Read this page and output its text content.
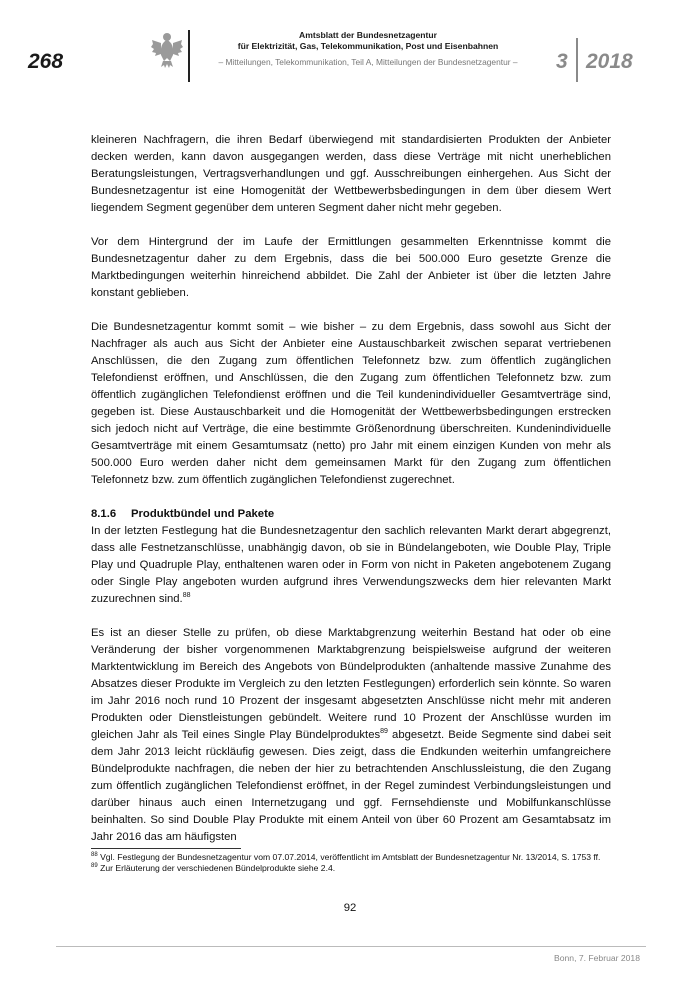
268
Amtsblatt der Bundesnetzagentur
für Elektrizität, Gas, Telekommunikation, Post und Eisenbahnen
– Mitteilungen, Telekommunikation, Teil A, Mitteilungen der Bundesnetzagentur –	3 2018

kleineren Nachfragern, die ihren Bedarf überwiegend mit standardisierten Produkten der Anbieter decken werden, kann davon ausgegangen werden, dass diese Verträge mit nicht unerheblichen Beratungsleistungen, Vertragsverhandlungen und ggf. Ausschreibungen einhergehen. Aus Sicht der Bundesnetzagentur ist eine Homogenität der Wettbewerbsbedingungen in dem über diesem Wert liegendem Segment gegenüber dem unteren Segment daher nicht mehr gegeben.

Vor dem Hintergrund der im Laufe der Ermittlungen gesammelten Erkenntnisse kommt die Bundesnetzagentur daher zu dem Ergebnis, dass die bei 500.000 Euro gesetzte Grenze die Marktbedingungen weiterhin hinreichend abbildet. Die Zahl der Anbieter ist über die letzten Jahre konstant geblieben.

Die Bundesnetzagentur kommt somit – wie bisher – zu dem Ergebnis, dass sowohl aus Sicht der Nachfrager als auch aus Sicht der Anbieter eine Austauschbarkeit zwischen separat vertriebenen Anschlüssen, die den Zugang zum öffentlichen Telefonnetz bzw. zum öffentlich zugänglichen Telefondienst eröffnen, und Anschlüssen, die den Zugang zum öffentlichen Telefonnetz bzw. zum öffentlich zugänglichen Telefondienst eröffnen und die Teil kundenindividueller Gesamtverträge sind, gegeben ist. Diese Austauschbarkeit und die Homogenität der Wettbewerbsbedingungen erstrecken sich jedoch nicht auf Verträge, die eine bestimmte Größenordnung überschreiten. Kundenindividuelle Gesamtverträge mit einem Gesamtumsatz (netto) pro Jahr mit einem einzigen Kunden von mehr als 500.000 Euro werden daher nicht dem gemeinsamen Markt für den Zugang zum öffentlichen Telefonnetz bzw. zum öffentlich zugänglichen Telefondienst zugerechnet.

8.1.6 Produktbündel und Pakete

In der letzten Festlegung hat die Bundesnetzagentur den sachlich relevanten Markt derart abgegrenzt, dass alle Festnetzanschlüsse, unabhängig davon, ob sie in Bündelangeboten, wie Double Play, Triple Play und Quadruple Play, enthaltenen waren oder in Form von nicht in Paketen angebotenem Zugang oder Single Play angeboten wurden aufgrund ihres Verwendungszwecks dem hier relevanten Markt zuzurechnen sind.$^{88}$

Es ist an dieser Stelle zu prüfen, ob diese Marktabgrenzung weiterhin Bestand hat oder ob eine Veränderung der bisher vorgenommenen Marktabgrenzung beispielsweise aufgrund der weiteren Marktentwicklung im Bereich des Angebots von Bündelprodukten (anhaltende massive Zunahme des Absatzes dieser Produkte im Vergleich zu den letzten Festlegungen) erforderlich sein könnte. So waren im Jahr 2016 noch rund 10 Prozent der insgesamt abgesetzten Anschlüsse nicht mehr mit anderen Produkten oder Dienstleistungen gebündelt. Weitere rund 10 Prozent der Anschlüsse wurden im gleichen Jahr als Teil eines Single Play Bündelproduktes$^{89}$ abgesetzt. Beide Segmente sind dabei seit dem Jahr 2013 leicht rückläufig gewesen. Dies zeigt, dass die Endkunden weiterhin umfangreichere Bündelprodukte nachfragen, die neben der hier zu betrachtenden Anschlussleistung, die den Zugang zum öffentlich zugänglichen Telefondienst eröffnet, in der Regel zumindest Verbindungsleistungen und darüber hinaus auch einen Internetzugang und ggf. Fernsehdienste und Mobilfunkanschlüsse beinhalten. So sind Double Play Produkte mit einem Anteil von über 60 Prozent am Gesamtabsatz im Jahr 2016 das am häufigsten

$^{88}$ Vgl. Festlegung der Bundesnetzagentur vom 07.07.2014, veröffentlicht im Amtsblatt der Bundesnetzagentur Nr. 13/2014, S. 1753 ff.
$^{89}$ Zur Erläuterung der verschiedenen Bündelprodukte siehe 2.4.
92
Bonn, 7. Februar 2018
